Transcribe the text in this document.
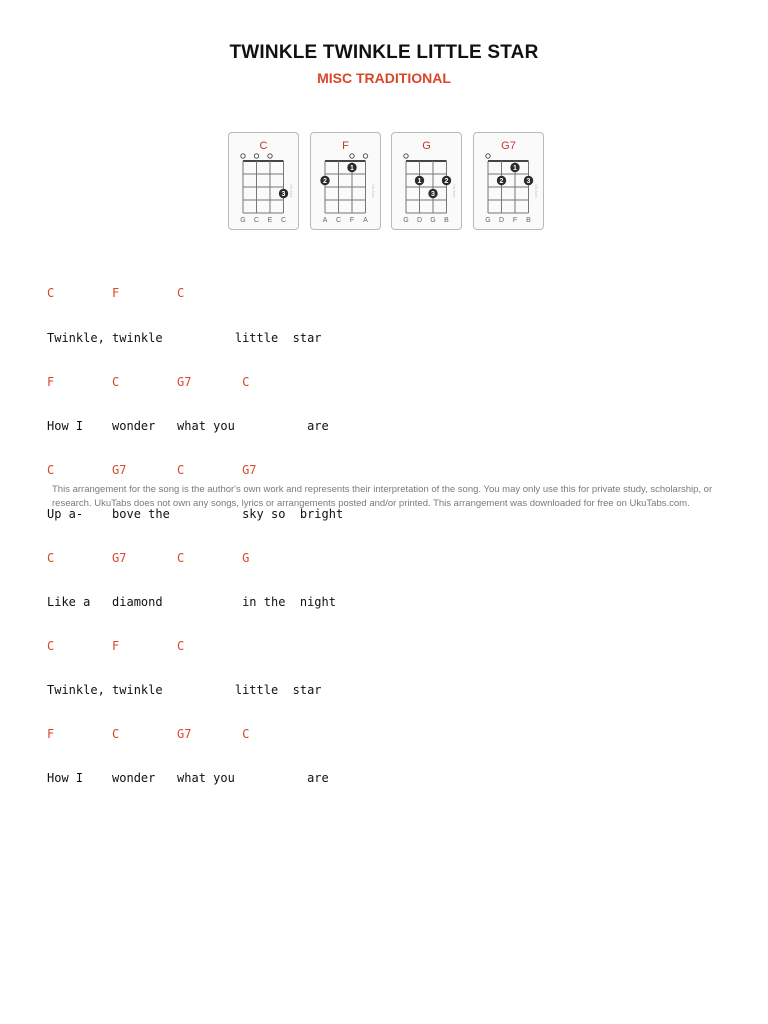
TWINKLE TWINKLE LITTLE STAR
MISC TRADITIONAL
3
G C E C
UkuTabs
C
1
2
A C F A
UkuTabs
F
1	2
3
G D G B
UkuTabs
G
1
2	3
G D F B
UkuTabs
G7

C        F        C

Twinkle, twinkle          little  star

F        C        G7       C

How I    wonder   what you          are

C        G7       C        G7

Up a-    bove the          sky so  bright

C        G7       C        G

Like a   diamond           in the  night

C        F        C

Twinkle, twinkle          little  star

F        C        G7       C

How I    wonder   what you          are

This arrangement for the song is the author's own work and represents their interpretation of the song. You may only use this for private study, scholarship, or research. UkuTabs does not own any songs, lyrics or arrangements posted and/or printed. This arrangement was downloaded for free on UkuTabs.com.
